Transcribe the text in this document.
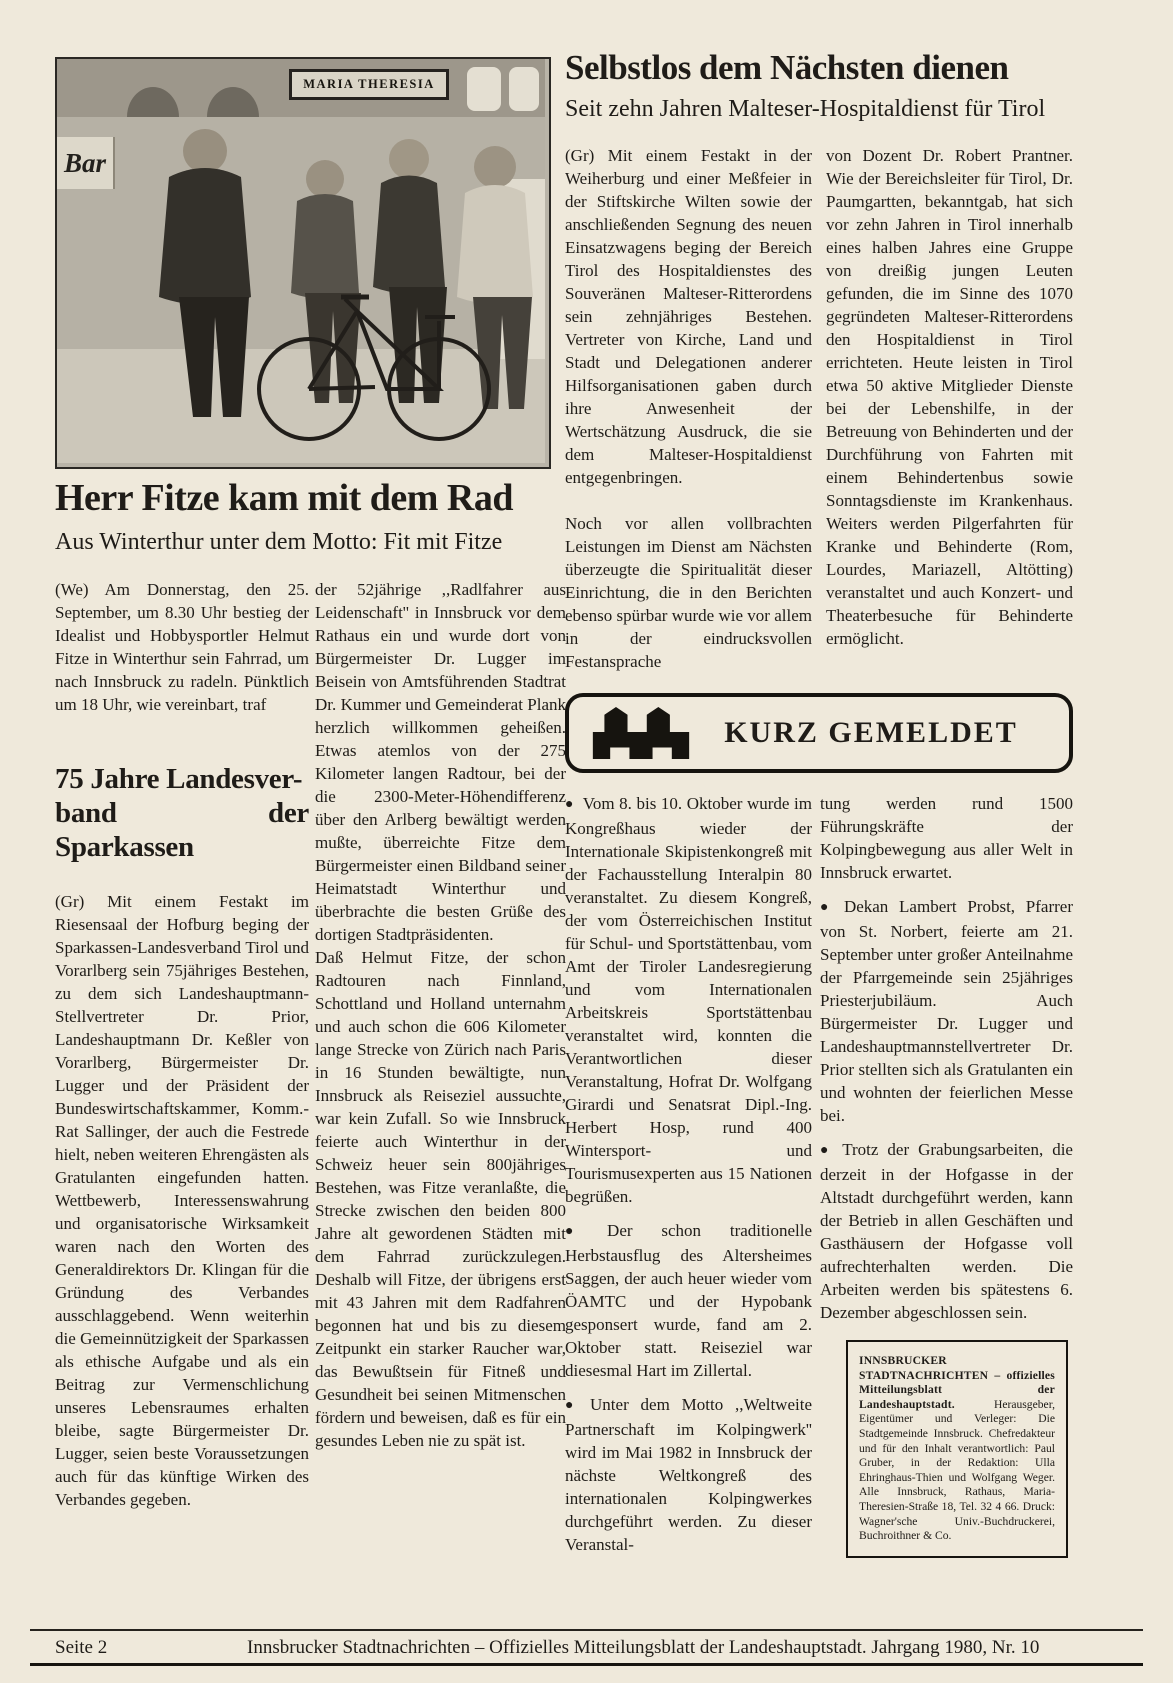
MARIA THERESIA
Bar
Selbstlos dem Nächsten dienen
Seit zehn Jahren Malteser-Hospitaldienst für Tirol

(Gr) Mit einem Festakt in der Weiherburg und einer Meßfeier in der Stiftskirche Wilten sowie der anschließenden Segnung des neuen Einsatzwagens beging der Bereich Tirol des Hospitaldienstes des Souveränen Malteser-Ritterordens sein zehnjähriges Bestehen. Vertreter von Kirche, Land und Stadt und Delegationen anderer Hilfsorganisationen gaben durch ihre Anwesenheit der Wertschätzung Ausdruck, die sie dem Malteser-Hospitaldienst entgegenbringen.

Noch vor allen vollbrachten Leistungen im Dienst am Nächsten überzeugte die Spiritualität dieser Einrichtung, die in den Berichten ebenso spürbar wurde wie vor allem in der eindrucksvollen Festansprache

von Dozent Dr. Robert Prantner. Wie der Bereichsleiter für Tirol, Dr. Paumgartten, bekanntgab, hat sich vor zehn Jahren in Tirol innerhalb eines halben Jahres eine Gruppe von dreißig jungen Leuten gefunden, die im Sinne des 1070 gegründeten Malteser-Ritterordens den Hospitaldienst in Tirol errichteten. Heute leisten in Tirol etwa 50 aktive Mitglieder Dienste bei der Lebenshilfe, in der Betreuung von Behinderten und der Durchführung von Fahrten mit einem Behindertenbus sowie Sonntagsdienste im Krankenhaus. Weiters werden Pilgerfahrten für Kranke und Behinderte (Rom, Lourdes, Mariazell, Altötting) veranstaltet und auch Konzert- und Theaterbesuche für Behinderte ermöglicht.

Herr Fitze kam mit dem Rad
Aus Winterthur unter dem Motto: Fit mit Fitze

(We) Am Donnerstag, den 25. September, um 8.30 Uhr bestieg der Idealist und Hobbysportler Helmut Fitze in Winterthur sein Fahrrad, um nach Innsbruck zu radeln. Pünktlich um 18 Uhr, wie vereinbart, traf

75 Jahre Landesver-
band der Sparkassen

(Gr) Mit einem Festakt im Riesensaal der Hofburg beging der Sparkassen-Landesverband Tirol und Vorarlberg sein 75jähriges Bestehen, zu dem sich Landeshauptmann-Stellvertreter Dr. Prior, Landeshauptmann Dr. Keßler von Vorarlberg, Bürgermeister Dr. Lugger und der Präsident der Bundeswirtschaftskammer, Komm.-Rat Sallinger, der auch die Festrede hielt, neben weiteren Ehrengästen als Gratulanten eingefunden hatten. Wettbewerb, Interessenswahrung und organisatorische Wirksamkeit waren nach den Worten des Generaldirektors Dr. Klingan für die Gründung des Verbandes ausschlaggebend. Wenn weiterhin die Gemeinnützigkeit der Sparkassen als ethische Aufgabe und als ein Beitrag zur Vermenschlichung unseres Lebensraumes erhalten bleibe, sagte Bürgermeister Dr. Lugger, seien beste Voraussetzungen auch für das künftige Wirken des Verbandes gegeben.

der 52jährige ,,Radlfahrer aus Leidenschaft'' in Innsbruck vor dem Rathaus ein und wurde dort von Bürgermeister Dr. Lugger im Beisein von Amtsführenden Stadtrat Dr. Kummer und Gemeinderat Plank herzlich willkommen geheißen. Etwas atemlos von der 275 Kilometer langen Radtour, bei der die 2300-Meter-Höhendifferenz über den Arlberg bewältigt werden mußte, überreichte Fitze dem Bürgermeister einen Bildband seiner Heimatstadt Winterthur und überbrachte die besten Grüße des dortigen Stadtpräsidenten.

Daß Helmut Fitze, der schon Radtouren nach Finnland, Schottland und Holland unternahm und auch schon die 606 Kilometer lange Strecke von Zürich nach Paris in 16 Stunden bewältigte, nun Innsbruck als Reiseziel aussuchte, war kein Zufall. So wie Innsbruck feierte auch Winterthur in der Schweiz heuer sein 800jähriges Bestehen, was Fitze veranlaßte, die Strecke zwischen den beiden 800 Jahre alt gewordenen Städten mit dem Fahrrad zurückzulegen. Deshalb will Fitze, der übrigens erst mit 43 Jahren mit dem Radfahren begonnen hat und bis zu diesem Zeitpunkt ein starker Raucher war, das Bewußtsein für Fitneß und Gesundheit bei seinen Mitmenschen fördern und beweisen, daß es für ein gesundes Leben nie zu spät ist.

KURZ GEMELDET

● Vom 8. bis 10. Oktober wurde im Kongreßhaus wieder der Internationale Skipistenkongreß mit der Fachausstellung Interalpin 80 veranstaltet. Zu diesem Kongreß, der vom Österreichischen Institut für Schul- und Sportstättenbau, vom Amt der Tiroler Landesregierung und vom Internationalen Arbeitskreis Sportstättenbau veranstaltet wird, konnten die Verantwortlichen dieser Veranstaltung, Hofrat Dr. Wolfgang Girardi und Senatsrat Dipl.-Ing. Herbert Hosp, rund 400 Wintersport- und Tourismusexperten aus 15 Nationen begrüßen.

● Der schon traditionelle Herbstausflug des Altersheimes Saggen, der auch heuer wieder vom ÖAMTC und der Hypobank gesponsert wurde, fand am 2. Oktober statt. Reiseziel war diesesmal Hart im Zillertal.

● Unter dem Motto ,,Weltweite Partnerschaft im Kolpingwerk'' wird im Mai 1982 in Innsbruck der nächste Weltkongreß des internationalen Kolpingwerkes durchgeführt werden. Zu dieser Veranstal-

tung werden rund 1500 Führungskräfte der Kolpingbewegung aus aller Welt in Innsbruck erwartet.

● Dekan Lambert Probst, Pfarrer von St. Norbert, feierte am 21. September unter großer Anteilnahme der Pfarrgemeinde sein 25jähriges Priesterjubiläum. Auch Bürgermeister Dr. Lugger und Landeshauptmannstellvertreter Dr. Prior stellten sich als Gratulanten ein und wohnten der feierlichen Messe bei.

● Trotz der Grabungsarbeiten, die derzeit in der Hofgasse in der Altstadt durchgeführt werden, kann der Betrieb in allen Geschäften und Gasthäusern der Hofgasse voll aufrechterhalten werden. Die Arbeiten werden bis spätestens 6. Dezember abgeschlossen sein.

INNSBRUCKER STADTNACHRICHTEN – offizielles Mitteilungsblatt der Landeshauptstadt. Herausgeber, Eigentümer und Verleger: Die Stadtgemeinde Innsbruck. Chefredakteur und für den Inhalt verantwortlich: Paul Gruber, in der Redaktion: Ulla Ehringhaus-Thien und Wolfgang Weger. Alle Innsbruck, Rathaus, Maria-Theresien-Straße 18, Tel. 32 4 66. Druck: Wagner'sche Univ.-Buchdruckerei, Buchroithner & Co.
Seite 2	Innsbrucker Stadtnachrichten – Offizielles Mitteilungsblatt der Landeshauptstadt. Jahrgang 1980, Nr. 10
